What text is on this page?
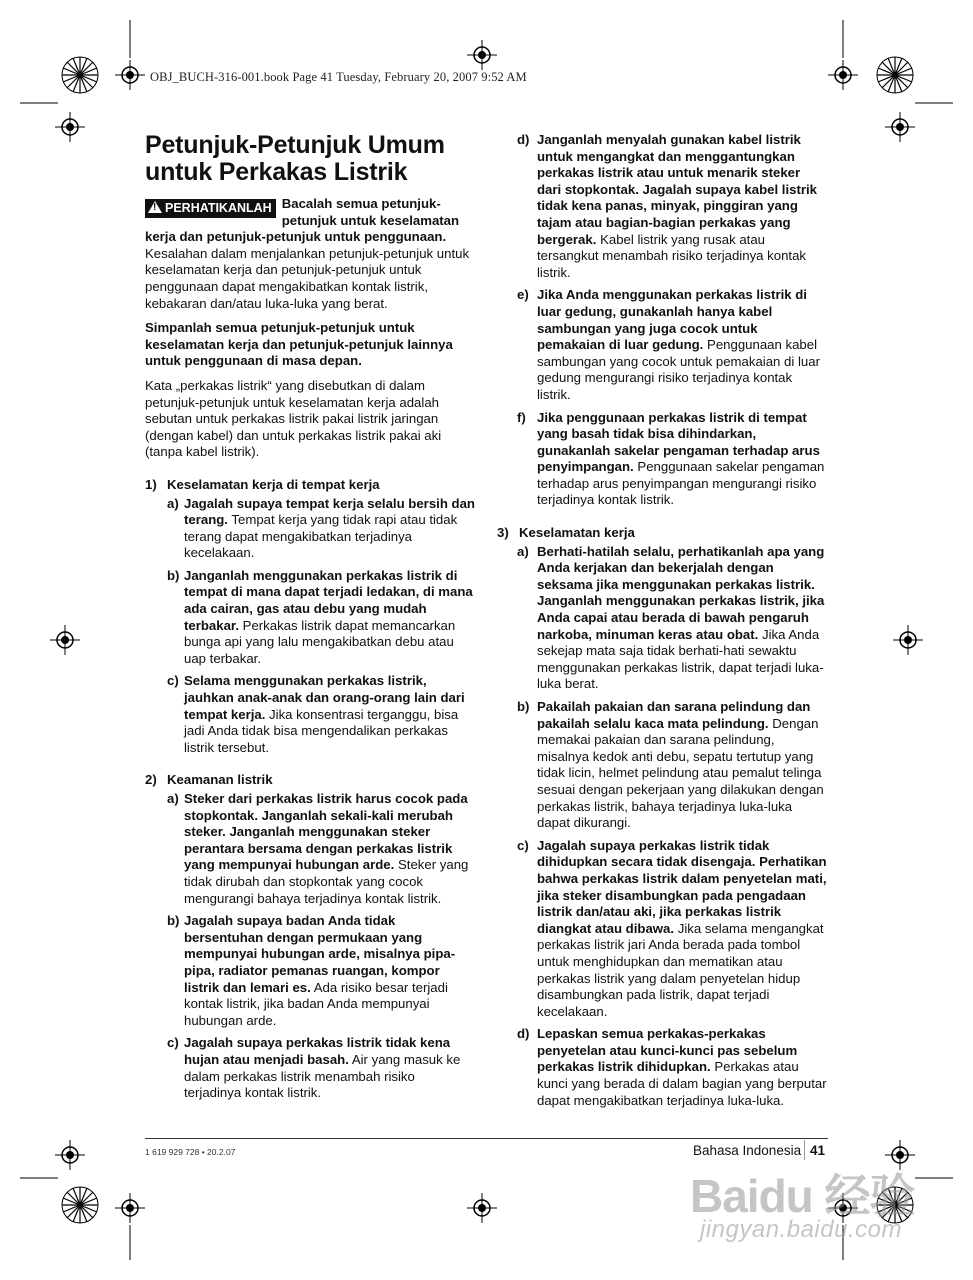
OBJ_BUCH-316-001.book Page 41 Tuesday, February 20, 2007 9:52 AM
Petunjuk-Petunjuk Umum
untuk Perkakas Listrik

! PERHATIKANLAH Bacalah semua petunjuk-petunjuk untuk keselamatan kerja dan petunjuk-petunjuk untuk penggunaan. Kesalahan dalam menjalankan petunjuk-petunjuk untuk keselamatan kerja dan petunjuk-petunjuk untuk penggunaan dapat mengakibatkan kontak listrik, kebakaran dan/atau luka-luka yang berat.

Simpanlah semua petunjuk-petunjuk untuk keselamatan kerja dan petunjuk-petunjuk lainnya untuk penggunaan di masa depan.

Kata „perkakas listrik“ yang disebutkan di dalam petunjuk-petunjuk untuk keselamatan kerja adalah sebutan untuk perkakas listrik pakai listrik jaringan (dengan kabel) dan untuk perkakas listrik pakai aki (tanpa kabel listrik).

1) Keselamatan kerja di tempat kerja
a) Jagalah supaya tempat kerja selalu bersih dan terang. Tempat kerja yang tidak rapi atau tidak terang dapat mengakibatkan terjadinya kecelakaan.
b) Janganlah menggunakan perkakas listrik di tempat di mana dapat terjadi ledakan, di mana ada cairan, gas atau debu yang mudah terbakar. Perkakas listrik dapat memancarkan bunga api yang lalu mengakibatkan debu atau uap terbakar.
c) Selama menggunakan perkakas listrik, jauhkan anak-anak dan orang-orang lain dari tempat kerja. Jika konsentrasi terganggu, bisa jadi Anda tidak bisa mengendalikan perkakas listrik tersebut.
2) Keamanan listrik
a) Steker dari perkakas listrik harus cocok pada stopkontak. Janganlah sekali-kali merubah steker. Janganlah menggunakan steker perantara bersama dengan perkakas listrik yang mempunyai hubungan arde. Steker yang tidak dirubah dan stopkontak yang cocok mengurangi bahaya terjadinya kontak listrik.
b) Jagalah supaya badan Anda tidak bersentuhan dengan permukaan yang mempunyai hubungan arde, misalnya pipa-pipa, radiator pemanas ruangan, kompor listrik dan lemari es. Ada risiko besar terjadi kontak listrik, jika badan Anda mempunyai hubungan arde.
c) Jagalah supaya perkakas listrik tidak kena hujan atau menjadi basah. Air yang masuk ke dalam perkakas listrik menambah risiko terjadinya kontak listrik.
d) Janganlah menyalah gunakan kabel listrik untuk mengangkat dan menggantungkan perkakas listrik atau untuk menarik steker dari stopkontak. Jagalah supaya kabel listrik tidak kena panas, minyak, pinggiran yang tajam atau bagian-bagian perkakas yang bergerak. Kabel listrik yang rusak atau tersangkut menambah risiko terjadinya kontak listrik.
e) Jika Anda menggunakan perkakas listrik di luar gedung, gunakanlah hanya kabel sambungan yang juga cocok untuk pemakaian di luar gedung. Penggunaan kabel sambungan yang cocok untuk pemakaian di luar gedung mengurangi risiko terjadinya kontak listrik.
f) Jika penggunaan perkakas listrik di tempat yang basah tidak bisa dihindarkan, gunakanlah sakelar pengaman terhadap arus penyimpangan. Penggunaan sakelar pengaman terhadap arus penyimpangan mengurangi risiko terjadinya kontak listrik.
3) Keselamatan kerja
a) Berhati-hatilah selalu, perhatikanlah apa yang Anda kerjakan dan bekerjalah dengan seksama jika menggunakan perkakas listrik. Janganlah menggunakan perkakas listrik, jika Anda capai atau berada di bawah pengaruh narkoba, minuman keras atau obat. Jika Anda sekejap mata saja tidak berhati-hati sewaktu menggunakan perkakas listrik, dapat terjadi luka-luka berat.
b) Pakailah pakaian dan sarana pelindung dan pakailah selalu kaca mata pelindung. Dengan memakai pakaian dan sarana pelindung, misalnya kedok anti debu, sepatu tertutup yang tidak licin, helmet pelindung atau pemalut telinga sesuai dengan pekerjaan yang dilakukan dengan perkakas listrik, bahaya terjadinya luka-luka dapat dikurangi.
c) Jagalah supaya perkakas listrik tidak dihidupkan secara tidak disengaja. Perhatikan bahwa perkakas listrik dalam penyetelan mati, jika steker disambungkan pada pengadaan listrik dan/atau aki, jika perkakas listrik diangkat atau dibawa. Jika selama mengangkat perkakas listrik jari Anda berada pada tombol untuk menghidupkan dan mematikan atau perkakas listrik yang dalam penyetelan hidup disambungkan pada listrik, dapat terjadi kecelakaan.
d) Lepaskan semua perkakas-perkakas penyetelan atau kunci-kunci pas sebelum perkakas listrik dihidupkan. Perkakas atau kunci yang berada di dalam bagian yang berputar dapat mengakibatkan terjadinya luka-luka.
1 619 929 728 • 20.2.07	Bahasa Indonesia 41
Baidu 经验
jingyan.baidu.com
